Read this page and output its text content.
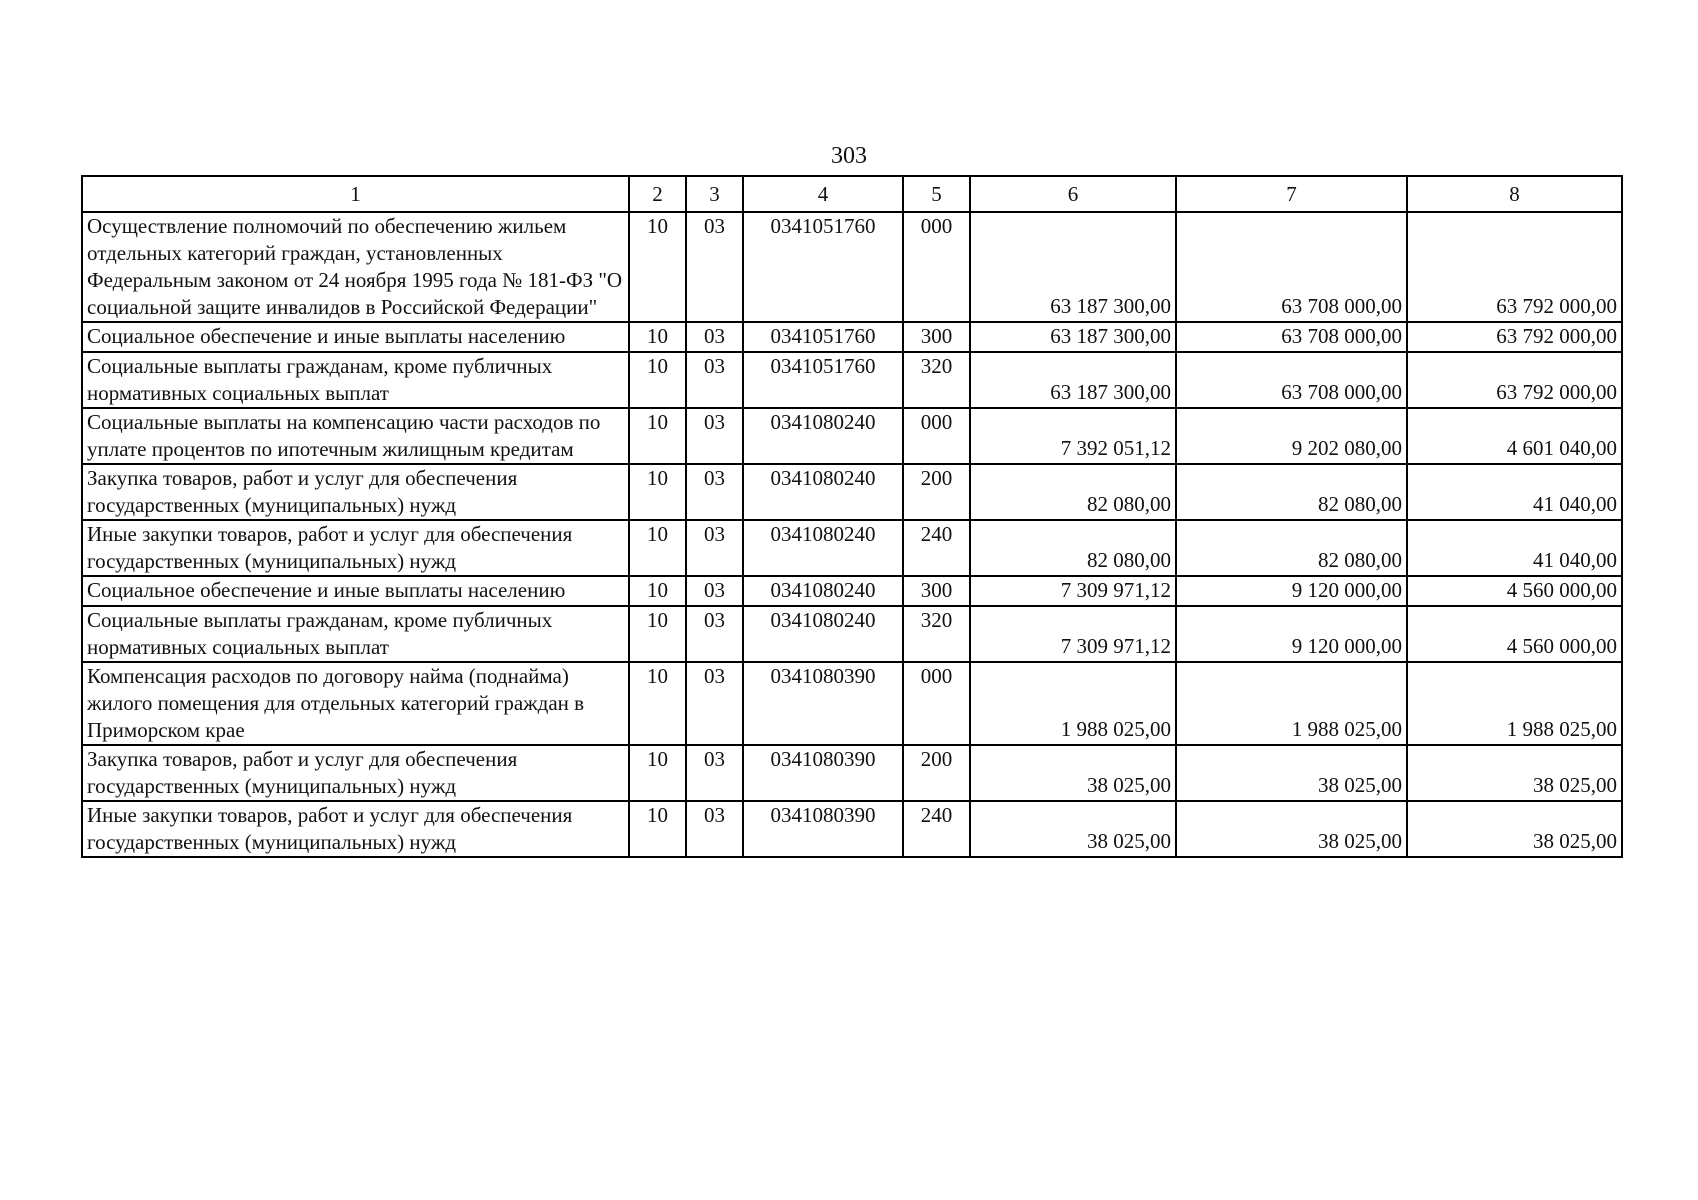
303
1	2	3	4	5	6	7	8
Осуществление полномочий по обеспечению жильем отдельных категорий граждан, установленных Федеральным законом от 24 ноября 1995 года № 181-ФЗ "О социальной защите инвалидов в Российской Федерации"	10	03	0341051760	000	63 187 300,00	63 708 000,00	63 792 000,00
Социальное обеспечение и иные выплаты населению	10	03	0341051760	300	63 187 300,00	63 708 000,00	63 792 000,00
Социальные выплаты гражданам, кроме публичных нормативных социальных выплат	10	03	0341051760	320	63 187 300,00	63 708 000,00	63 792 000,00
Социальные выплаты на компенсацию части расходов по уплате процентов по ипотечным жилищным кредитам	10	03	0341080240	000	7 392 051,12	9 202 080,00	4 601 040,00
Закупка товаров, работ и услуг для обеспечения государственных (муниципальных) нужд	10	03	0341080240	200	82 080,00	82 080,00	41 040,00
Иные закупки товаров, работ и услуг для обеспечения государственных (муниципальных) нужд	10	03	0341080240	240	82 080,00	82 080,00	41 040,00
Социальное обеспечение и иные выплаты населению	10	03	0341080240	300	7 309 971,12	9 120 000,00	4 560 000,00
Социальные выплаты гражданам, кроме публичных нормативных социальных выплат	10	03	0341080240	320	7 309 971,12	9 120 000,00	4 560 000,00
Компенсация расходов по договору найма (поднайма) жилого помещения для отдельных категорий граждан в Приморском крае	10	03	0341080390	000	1 988 025,00	1 988 025,00	1 988 025,00
Закупка товаров, работ и услуг для обеспечения государственных (муниципальных) нужд	10	03	0341080390	200	38 025,00	38 025,00	38 025,00
Иные закупки товаров, работ и услуг для обеспечения государственных (муниципальных) нужд	10	03	0341080390	240	38 025,00	38 025,00	38 025,00
